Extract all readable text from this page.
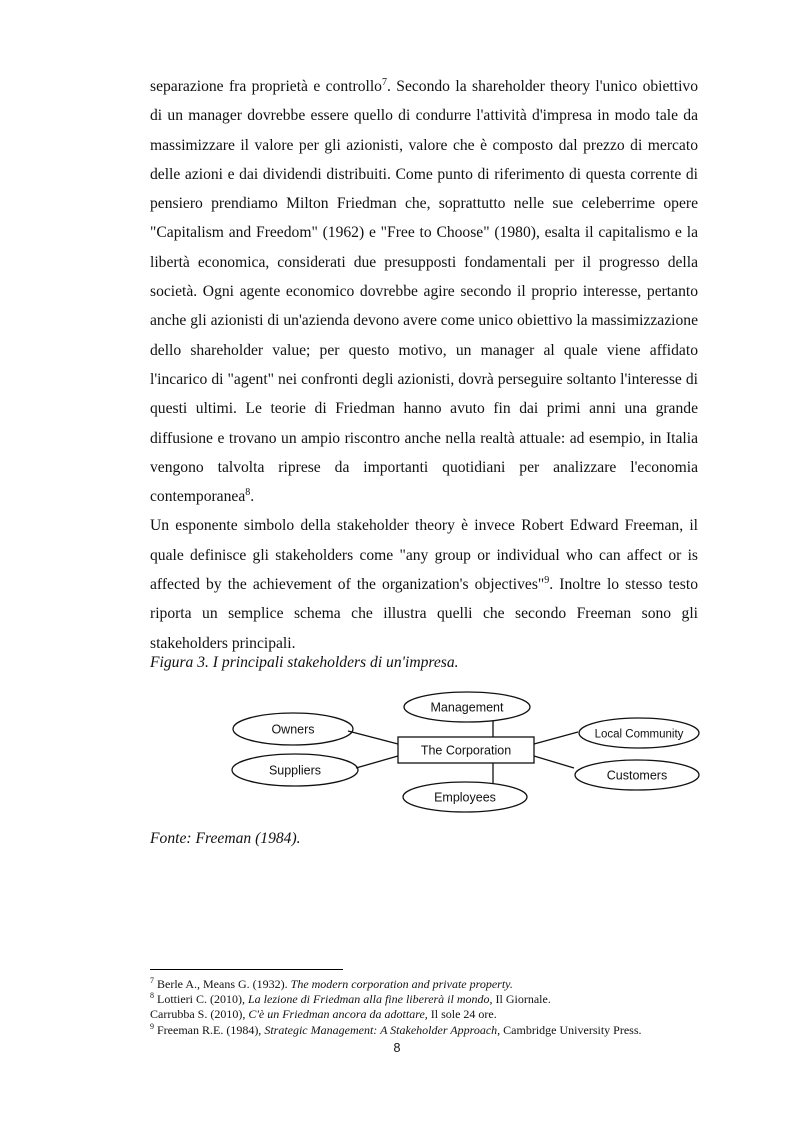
separazione fra proprietà e controllo$^7$. Secondo la shareholder theory l'unico obiettivo di un manager dovrebbe essere quello di condurre l'attività d'impresa in modo tale da massimizzare il valore per gli azionisti, valore che è composto dal prezzo di mercato delle azioni e dai dividendi distribuiti. Come punto di riferimento di questa corrente di pensiero prendiamo Milton Friedman che, soprattutto nelle sue celeberrime opere "Capitalism and Freedom" (1962) e "Free to Choose" (1980), esalta il capitalismo e la libertà economica, considerati due presupposti fondamentali per il progresso della società. Ogni agente economico dovrebbe agire secondo il proprio interesse, pertanto anche gli azionisti di un'azienda devono avere come unico obiettivo la massimizzazione dello shareholder value; per questo motivo, un manager al quale viene affidato l'incarico di "agent" nei confronti degli azionisti, dovrà perseguire soltanto l'interesse di questi ultimi. Le teorie di Friedman hanno avuto fin dai primi anni una grande diffusione e trovano un ampio riscontro anche nella realtà attuale: ad esempio, in Italia vengono talvolta riprese da importanti quotidiani per analizzare l'economia contemporanea$^8$.

Un esponente simbolo della stakeholder theory è invece Robert Edward Freeman, il quale definisce gli stakeholders come "any group or individual who can affect or is affected by the achievement of the organization's objectives"$^9$. Inoltre lo stesso testo riporta un semplice schema che illustra quelli che secondo Freeman sono gli stakeholders principali.

Figura 3. I principali stakeholders di un'impresa.

Management
Owners	Local Community
The Corporation
Suppliers	Customers
Employees

Fonte: Freeman (1984).

$^7$ Berle A., Means G. (1932). The modern corporation and private property.
$^8$ Lottieri C. (2010), La lezione di Friedman alla fine libererà il mondo, Il Giornale.
Carrubba S. (2010), C'è un Friedman ancora da adottare, Il sole 24 ore.
$^9$ Freeman R.E. (1984), Strategic Management: A Stakeholder Approach, Cambridge University Press.
8
